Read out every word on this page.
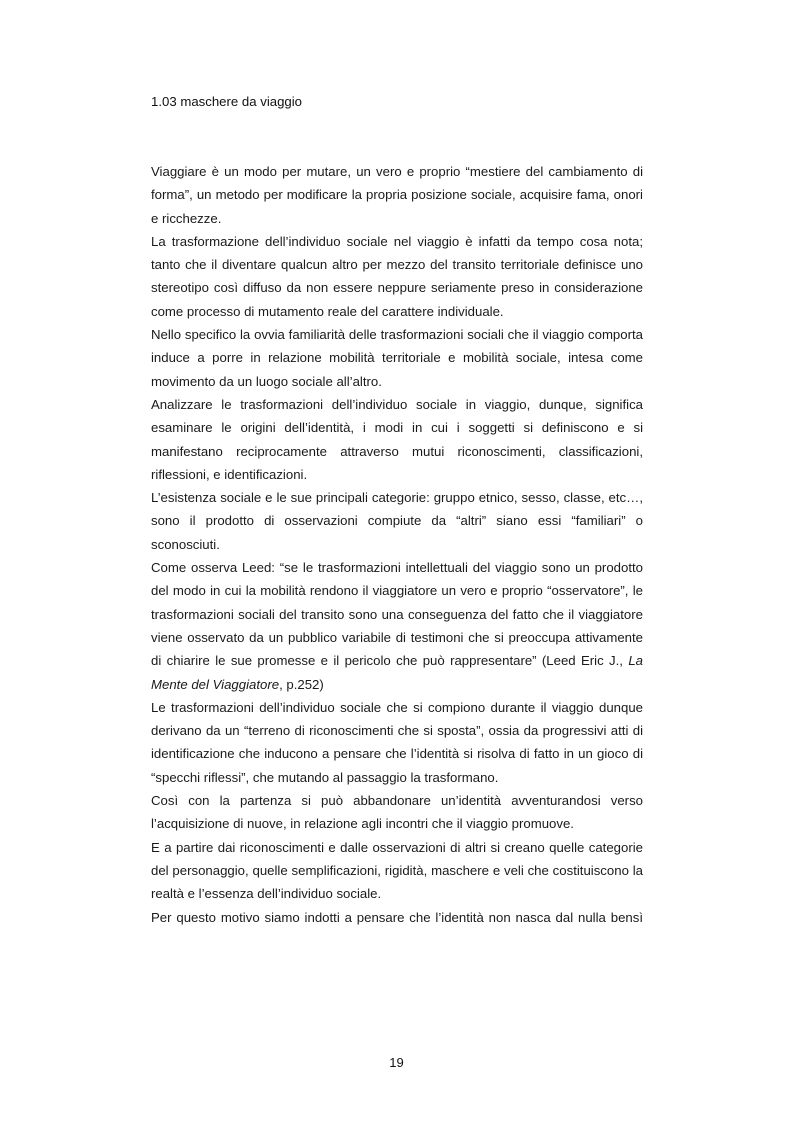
1.03 maschere da viaggio

Viaggiare è un modo per mutare, un vero e proprio “mestiere del cambiamento di forma”, un metodo per modificare la propria posizione sociale, acquisire fama, onori e ricchezze.

La trasformazione dell’individuo sociale nel viaggio è infatti da tempo cosa nota; tanto che il diventare qualcun altro per mezzo del transito territoriale definisce uno stereotipo così diffuso da non essere neppure seriamente preso in considerazione come processo di mutamento reale del carattere individuale.

Nello specifico la ovvia familiarità delle trasformazioni sociali che il viaggio comporta induce a porre in relazione mobilità territoriale e mobilità sociale, intesa come movimento da un luogo sociale all’altro.

Analizzare le trasformazioni dell’individuo sociale in viaggio, dunque, significa esaminare le origini dell’identità, i modi in cui i soggetti si definiscono e si manifestano reciprocamente attraverso mutui riconoscimenti, classificazioni, riflessioni, e identificazioni.

L’esistenza sociale e le sue principali categorie: gruppo etnico, sesso, classe, etc…, sono il prodotto di osservazioni compiute da “altri” siano essi “familiari” o sconosciuti.

Come osserva Leed: “se le trasformazioni intellettuali del viaggio sono un prodotto del modo in cui la mobilità rendono il viaggiatore un vero e proprio “osservatore”, le trasformazioni sociali del transito sono una conseguenza del fatto che il viaggiatore viene osservato da un pubblico variabile di testimoni che si preoccupa attivamente di chiarire le sue promesse e il pericolo che può rappresentare” (Leed Eric J., La Mente del Viaggiatore, p.252)

Le trasformazioni dell’individuo sociale che si compiono durante il viaggio dunque derivano da un “terreno di riconoscimenti che si sposta”, ossia da progressivi atti di identificazione che inducono a pensare che l’identità si risolva di fatto in un gioco di “specchi riflessi”, che mutando al passaggio la trasformano.

Così con la partenza si può abbandonare un’identità avventurandosi verso l’acquisizione di nuove, in relazione agli incontri che il viaggio promuove.

E a partire dai riconoscimenti e dalle osservazioni di altri si creano quelle categorie del personaggio, quelle semplificazioni, rigidità, maschere e veli che costituiscono la realtà e l’essenza dell’individuo sociale.

Per questo motivo siamo indotti a pensare che l’identità non nasca dal nulla bensì

19
